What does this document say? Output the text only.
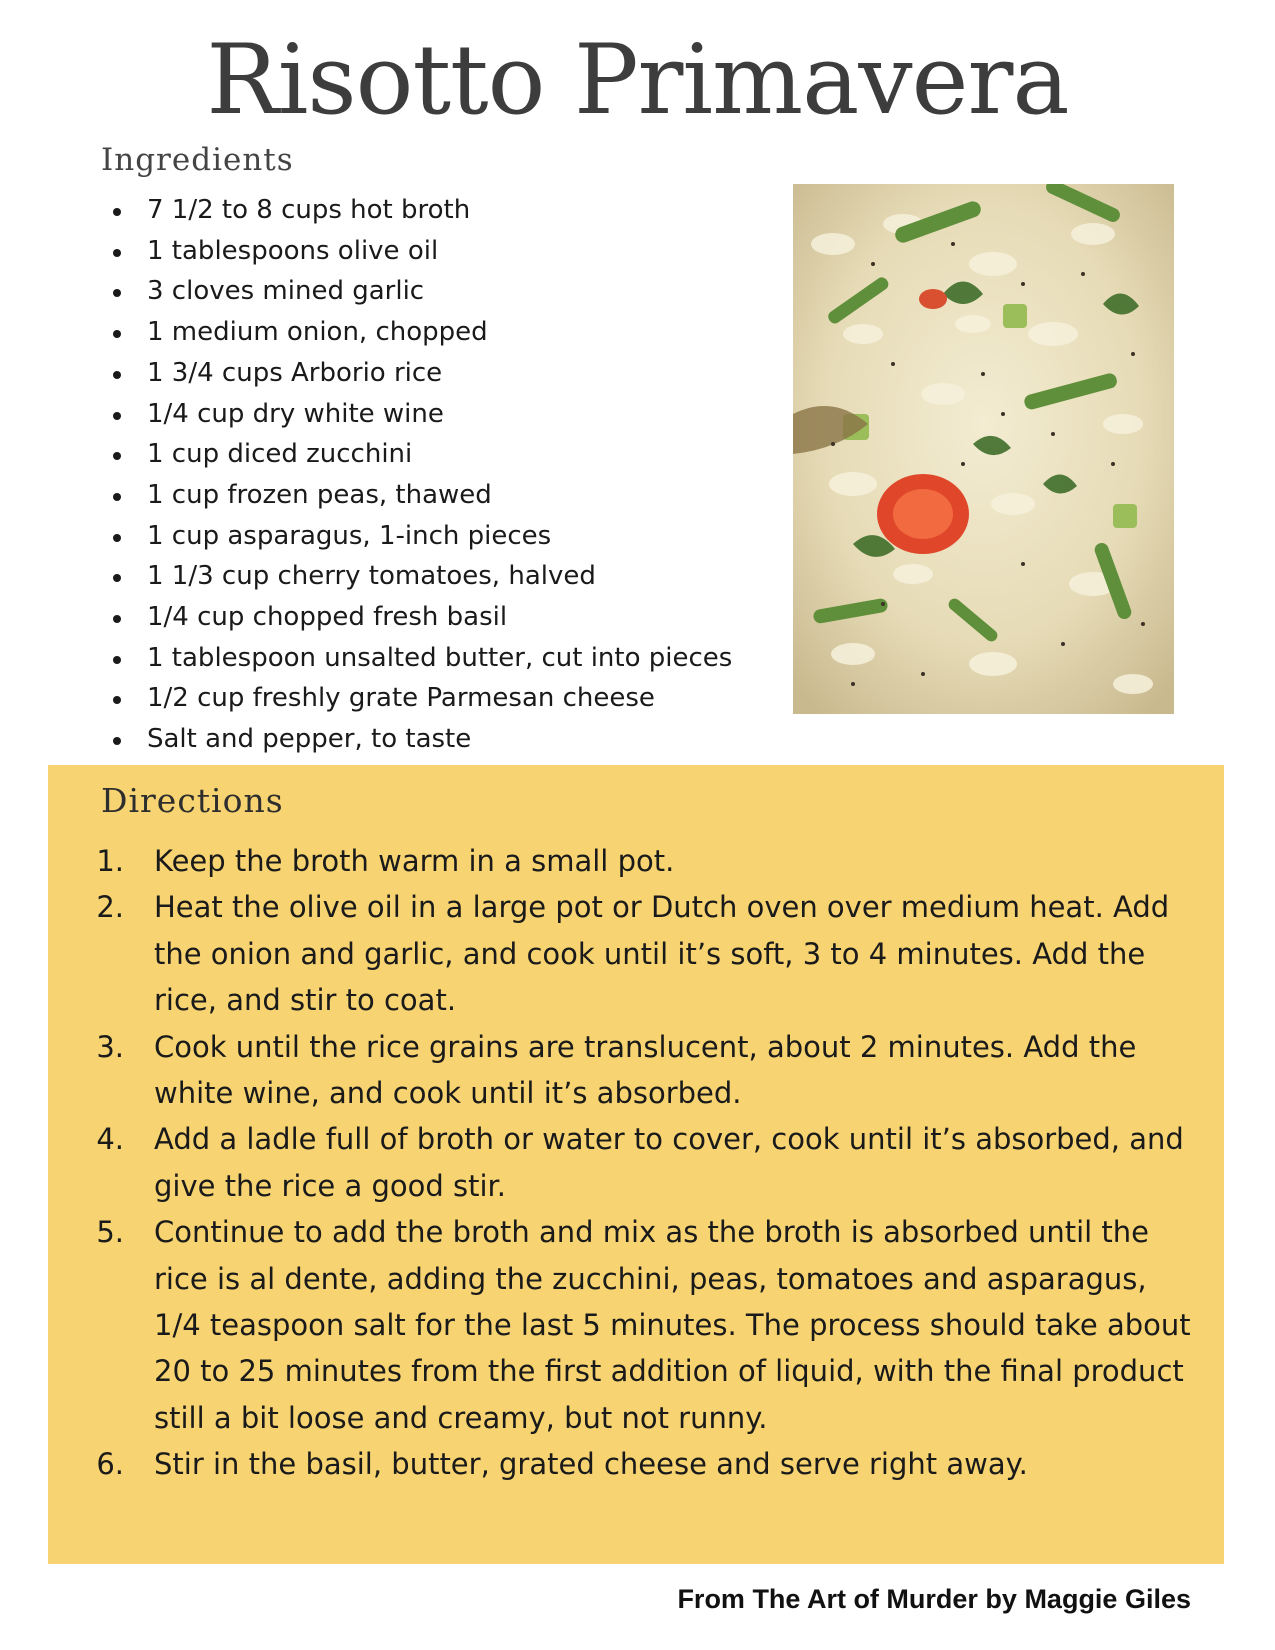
Risotto Primavera
Ingredients
7 1/2 to 8 cups hot broth
1 tablespoons olive oil
3 cloves mined garlic
1 medium onion, chopped
1 3/4 cups Arborio rice
1/4 cup dry white wine
1 cup diced zucchini
1 cup frozen peas, thawed
1 cup asparagus, 1-inch pieces
1 1/3 cup cherry tomatoes, halved
1/4 cup chopped fresh basil
1 tablespoon unsalted butter, cut into pieces
1/2 cup freshly grate Parmesan cheese
Salt and pepper, to taste
Directions
1. Keep the broth warm in a small pot.
2. Heat the olive oil in a large pot or Dutch oven over medium heat. Add the onion and garlic, and cook until it’s soft, 3 to 4 minutes. Add the rice, and stir to coat.
3. Cook until the rice grains are translucent, about 2 minutes. Add the white wine, and cook until it’s absorbed.
4. Add a ladle full of broth or water to cover, cook until it’s absorbed, and give the rice a good stir.
5. Continue to add the broth and mix as the broth is absorbed until the rice is al dente, adding the zucchini, peas, tomatoes and asparagus, 1/4 teaspoon salt for the last 5 minutes. The process should take about 20 to 25 minutes from the first addition of liquid, with the final product still a bit loose and creamy, but not runny.
6. Stir in the basil, butter, grated cheese and serve right away.

From The Art of Murder by Maggie Giles
